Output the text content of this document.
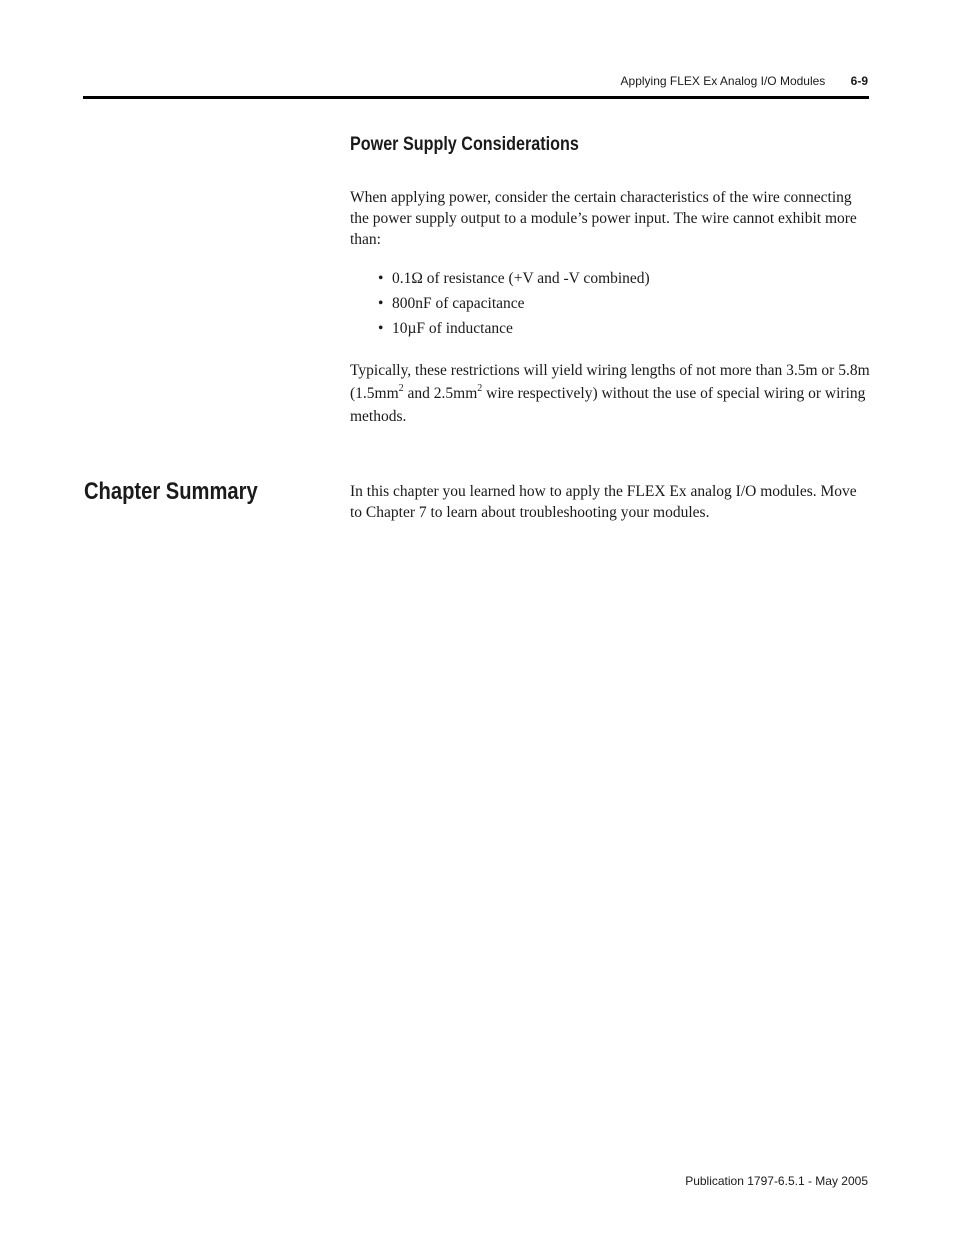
Applying FLEX Ex Analog I/O Modules 6-9
Power Supply Considerations

When applying power, consider the certain characteristics of the wire connecting the power supply output to a module’s power input. The wire cannot exhibit more than:

• 0.1Ω of resistance (+V and -V combined)
• 800nF of capacitance
• 10µF of inductance

Typically, these restrictions will yield wiring lengths of not more than 3.5m or 5.8m ($1.5mm^2$ and $2.5mm^2$ wire respectively) without the use of special wiring or wiring methods.

Chapter Summary	In this chapter you learned how to apply the FLEX Ex analog I/O modules. Move to Chapter 7 to learn about troubleshooting your modules.

Publication 1797-6.5.1 - May 2005
